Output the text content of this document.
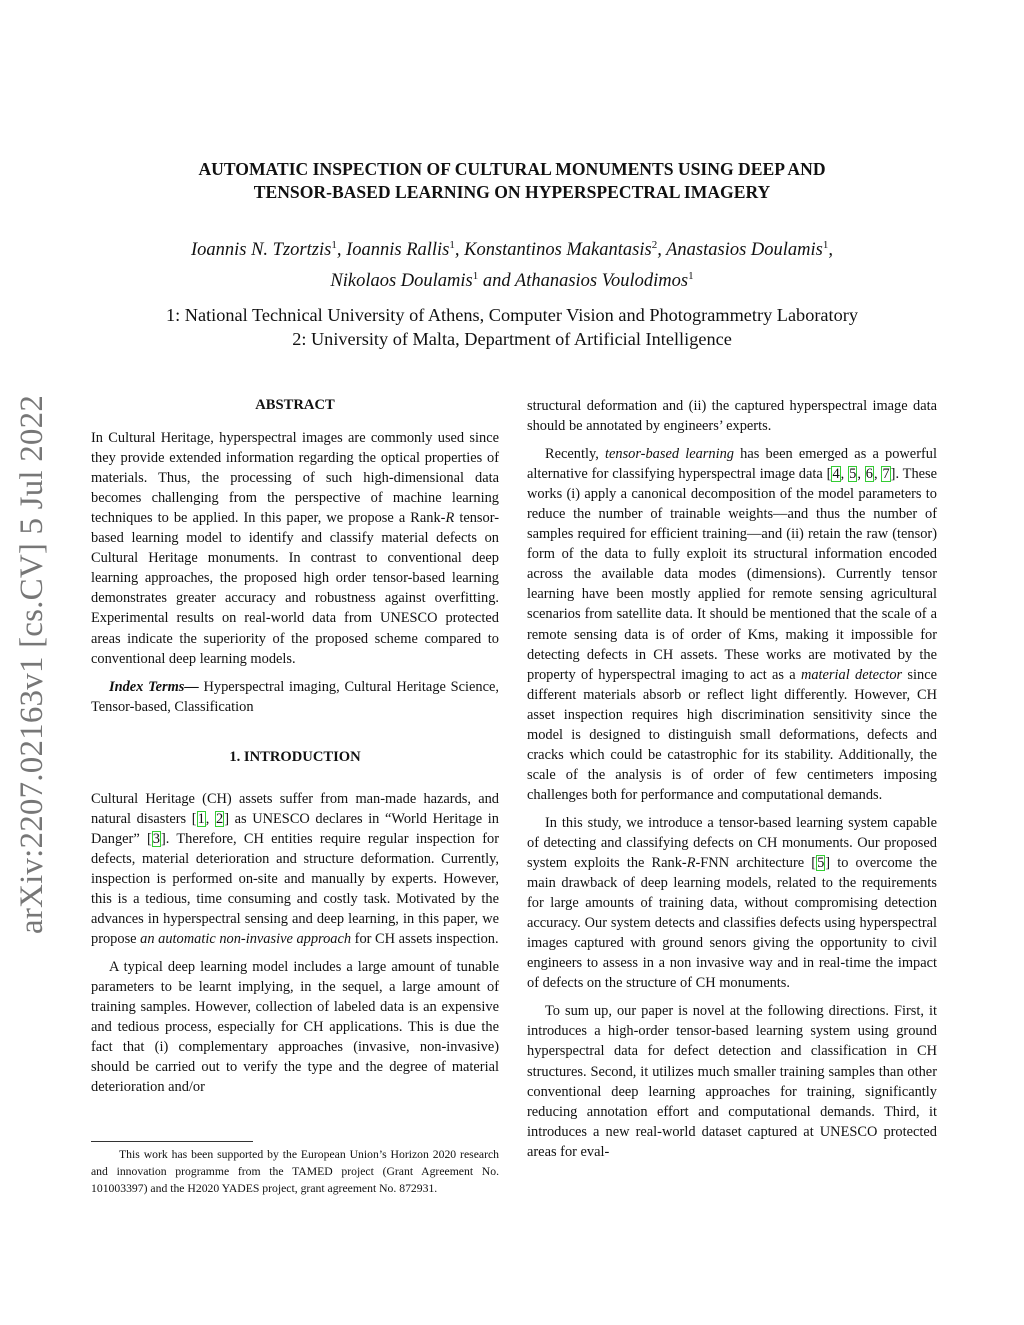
arXiv:2207.02163v1 [cs.CV] 5 Jul 2022
AUTOMATIC INSPECTION OF CULTURAL MONUMENTS USING DEEP AND
TENSOR-BASED LEARNING ON HYPERSPECTRAL IMAGERY
Ioannis N. Tzortzis$^1$, Ioannis Rallis$^1$, Konstantinos Makantasis$^2$, Anastasios Doulamis$^1$,
Nikolaos Doulamis$^1$ and Athanasios Voulodimos$^1$
1: National Technical University of Athens, Computer Vision and Photogrammetry Laboratory
2: University of Malta, Department of Artificial Intelligence
ABSTRACT

In Cultural Heritage, hyperspectral images are commonly used since they provide extended information regarding the optical properties of materials. Thus, the processing of such high-dimensional data becomes challenging from the perspective of machine learning techniques to be applied. In this paper, we propose a Rank-R tensor-based learning model to identify and classify material defects on Cultural Heritage monuments. In contrast to conventional deep learning approaches, the proposed high order tensor-based learning demonstrates greater accuracy and robustness against overfitting. Experimental results on real-world data from UNESCO protected areas indicate the superiority of the proposed scheme compared to conventional deep learning models.

Index Terms— Hyperspectral imaging, Cultural Heritage Science, Tensor-based, Classification

1. INTRODUCTION

Cultural Heritage (CH) assets suffer from man-made hazards, and natural disasters [1, 2] as UNESCO declares in “World Heritage in Danger” [3]. Therefore, CH entities require regular inspection for defects, material deterioration and structure deformation. Currently, inspection is performed on-site and manually by experts. However, this is a tedious, time consuming and costly task. Motivated by the advances in hyperspectral sensing and deep learning, in this paper, we propose an automatic non-invasive approach for CH assets inspection.

A typical deep learning model includes a large amount of tunable parameters to be learnt implying, in the sequel, a large amount of training samples. However, collection of labeled data is an expensive and tedious process, especially for CH applications. This is due the fact that (i) complementary approaches (invasive, non-invasive) should be carried out to verify the type and the degree of material deterioration and/or

This work has been supported by the European Union’s Horizon 2020 research and innovation programme from the TAMED project (Grant Agreement No. 101003397) and the H2020 YADES project, grant agreement No. 872931.

structural deformation and (ii) the captured hyperspectral image data should be annotated by engineers’ experts.

Recently, tensor-based learning has been emerged as a powerful alternative for classifying hyperspectral image data [4, 5, 6, 7]. These works (i) apply a canonical decomposition of the model parameters to reduce the number of trainable weights—and thus the number of samples required for efficient training—and (ii) retain the raw (tensor) form of the data to fully exploit its structural information encoded across the available data modes (dimensions). Currently tensor learning have been mostly applied for remote sensing agricultural scenarios from satellite data. It should be mentioned that the scale of a remote sensing data is of order of Kms, making it impossible for detecting defects in CH assets. These works are motivated by the property of hyperspectral imaging to act as a material detector since different materials absorb or reflect light differently. However, CH asset inspection requires high discrimination sensitivity since the model is designed to distinguish small deformations, defects and cracks which could be catastrophic for its stability. Additionally, the scale of the analysis is of order of few centimeters imposing challenges both for performance and computational demands.

In this study, we introduce a tensor-based learning system capable of detecting and classifying defects on CH monuments. Our proposed system exploits the Rank-R-FNN architecture [5] to overcome the main drawback of deep learning models, related to the requirements for large amounts of training data, without compromising detection accuracy. Our system detects and classifies defects using hyperspectral images captured with ground senors giving the opportunity to civil engineers to assess in a non invasive way and in real-time the impact of defects on the structure of CH monuments.

To sum up, our paper is novel at the following directions. First, it introduces a high-order tensor-based learning system using ground hyperspectral data for defect detection and classification in CH structures. Second, it utilizes much smaller training samples than other conventional deep learning approaches for training, significantly reducing annotation effort and computational demands. Third, it introduces a new real-world dataset captured at UNESCO protected areas for eval-
